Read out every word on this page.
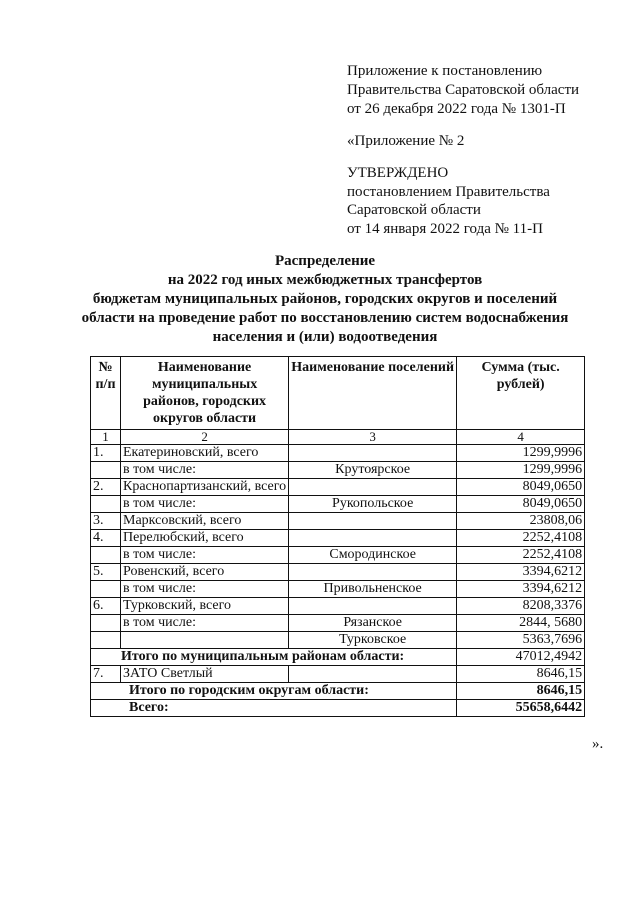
Приложение к постановлению
Правительства Саратовской области
от 26 декабря 2022 года № 1301-П
«Приложение № 2
УТВЕРЖДЕНО
постановлением Правительства
Саратовской области
от 14 января 2022 года № 11-П
Распределение
на 2022 год иных межбюджетных трансфертов
бюджетам муниципальных районов, городских округов и поселений
области на проведение работ по восстановлению систем водоснабжения
населения и (или) водоотведения
№ п/п	Наименование муниципальных районов, городских округов области	Наименование поселений	Сумма (тыс. рублей)
1	2	3	4
1.	Екатериновский, всего		1299,9996
	в том числе:	Крутоярское	1299,9996
2.	Краснопартизанский, всего		8049,0650
	в том числе:	Рукопольское	8049,0650
3.	Марксовский, всего		23808,06
4.	Перелюбский, всего		2252,4108
	в том числе:	Смородинское	2252,4108
5.	Ровенский, всего		3394,6212
	в том числе:	Привольненское	3394,6212
6.	Турковский, всего		8208,3376
	в том числе:	Рязанское	2844, 5680
		Турковское	5363,7696
Итого по муниципальным районам области:			47012,4942
7.	ЗАТО Светлый		8646,15
Итого по городским округам области:			8646,15
Всего:			55658,6442
».
